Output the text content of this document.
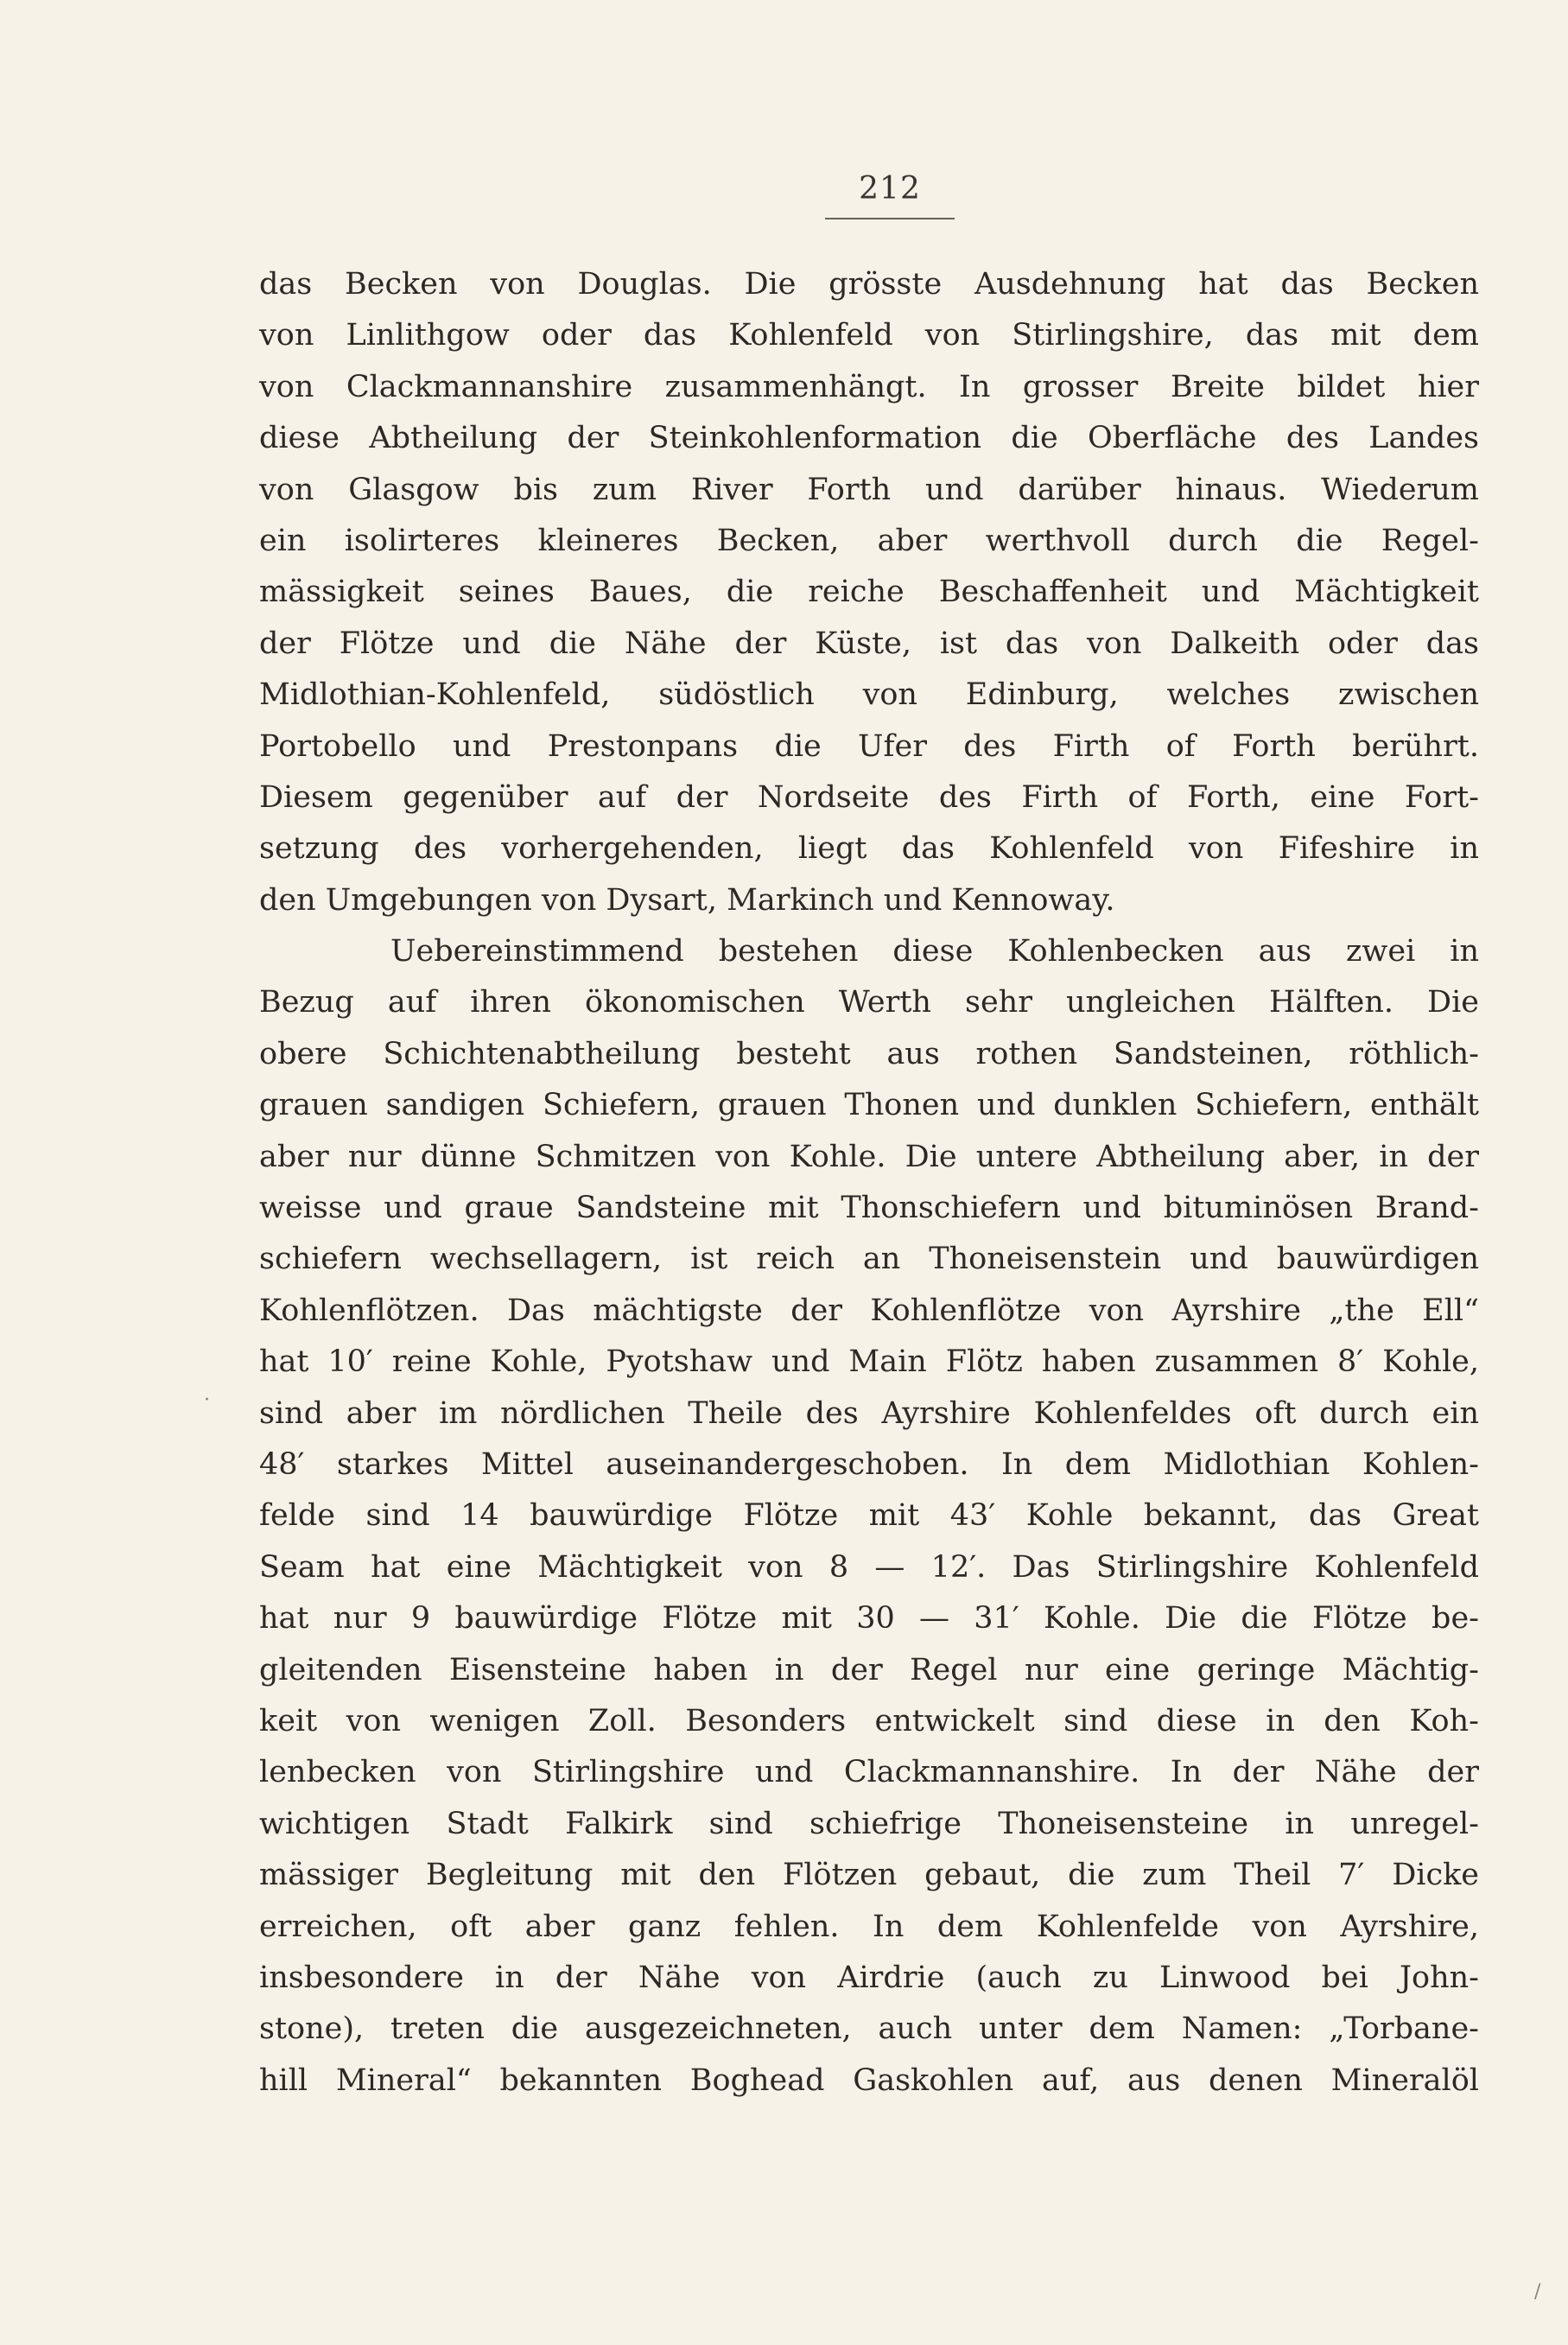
212
das Becken von Douglas. Die grösste Ausdehnung hat das Becken
von Linlithgow oder das Kohlenfeld von Stirlingshire, das mit dem
von Clackmannanshire zusammenhängt. In grosser Breite bildet hier
diese Abtheilung der Steinkohlenformation die Oberfläche des Landes
von Glasgow bis zum River Forth und darüber hinaus. Wiederum
ein isolirteres kleineres Becken, aber werthvoll durch die Regel-
mässigkeit seines Baues, die reiche Beschaffenheit und Mächtigkeit
der Flötze und die Nähe der Küste, ist das von Dalkeith oder das
Midlothian-Kohlenfeld, südöstlich von Edinburg, welches zwischen
Portobello und Prestonpans die Ufer des Firth of Forth berührt.
Diesem gegenüber auf der Nordseite des Firth of Forth, eine Fort-
setzung des vorhergehenden, liegt das Kohlenfeld von Fifeshire in
den Umgebungen von Dysart, Markinch und Kennoway.
Uebereinstimmend bestehen diese Kohlenbecken aus zwei in
Bezug auf ihren ökonomischen Werth sehr ungleichen Hälften. Die
obere Schichtenabtheilung besteht aus rothen Sandsteinen, röthlich-
grauen sandigen Schiefern, grauen Thonen und dunklen Schiefern, enthält
aber nur dünne Schmitzen von Kohle. Die untere Abtheilung aber, in der
weisse und graue Sandsteine mit Thonschiefern und bituminösen Brand-
schiefern wechsellagern, ist reich an Thoneisenstein und bauwürdigen
Kohlenflötzen. Das mächtigste der Kohlenflötze von Ayrshire „the Ell“
hat 10′ reine Kohle, Pyotshaw und Main Flötz haben zusammen 8′ Kohle,
sind aber im nördlichen Theile des Ayrshire Kohlenfeldes oft durch ein
48′ starkes Mittel auseinandergeschoben. In dem Midlothian Kohlen-
felde sind 14 bauwürdige Flötze mit 43′ Kohle bekannt, das Great
Seam hat eine Mächtigkeit von 8 — 12′. Das Stirlingshire Kohlenfeld
hat nur 9 bauwürdige Flötze mit 30 — 31′ Kohle. Die die Flötze be-
gleitenden Eisensteine haben in der Regel nur eine geringe Mächtig-
keit von wenigen Zoll. Besonders entwickelt sind diese in den Koh-
lenbecken von Stirlingshire und Clackmannanshire. In der Nähe der
wichtigen Stadt Falkirk sind schiefrige Thoneisensteine in unregel-
mässiger Begleitung mit den Flötzen gebaut, die zum Theil 7′ Dicke
erreichen, oft aber ganz fehlen. In dem Kohlenfelde von Ayrshire,
insbesondere in der Nähe von Airdrie (auch zu Linwood bei John-
stone), treten die ausgezeichneten, auch unter dem Namen: „Torbane-
hill Mineral“ bekannten Boghead Gaskohlen auf, aus denen Mineralöl
·
/
